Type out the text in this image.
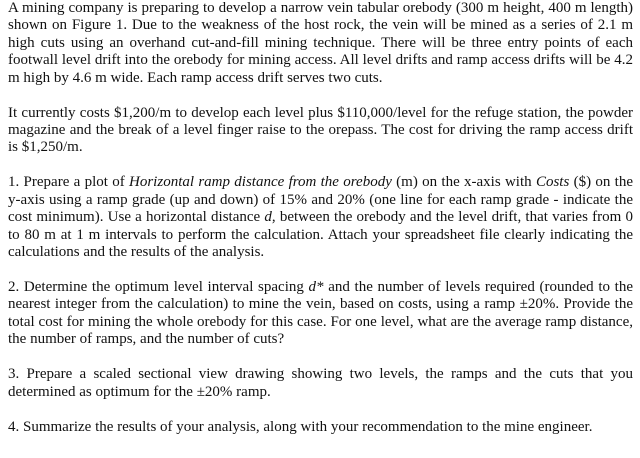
A mining company is preparing to develop a narrow vein tabular orebody (300 m height, 400 m length) shown on Figure 1. Due to the weakness of the host rock, the vein will be mined as a series of 2.1 m high cuts using an overhand cut-and-fill mining technique. There will be three entry points of each footwall level drift into the orebody for mining access. All level drifts and ramp access drifts will be 4.2 m high by 4.6 m wide. Each ramp access drift serves two cuts.

It currently costs $1,200/m to develop each level plus $110,000/level for the refuge station, the powder magazine and the break of a level finger raise to the orepass. The cost for driving the ramp access drift is $1,250/m.

1. Prepare a plot of Horizontal ramp distance from the orebody (m) on the x-axis with Costs ($) on the y-axis using a ramp grade (up and down) of 15% and 20% (one line for each ramp grade - indicate the cost minimum). Use a horizontal distance d, between the orebody and the level drift, that varies from 0 to 80 m at 1 m intervals to perform the calculation. Attach your spreadsheet file clearly indicating the calculations and the results of the analysis.

2. Determine the optimum level interval spacing d* and the number of levels required (rounded to the nearest integer from the calculation) to mine the vein, based on costs, using a ramp ±20%. Provide the total cost for mining the whole orebody for this case. For one level, what are the average ramp distance, the number of ramps, and the number of cuts?

3. Prepare a scaled sectional view drawing showing two levels, the ramps and the cuts that you determined as optimum for the ±20% ramp.

4. Summarize the results of your analysis, along with your recommendation to the mine engineer.
